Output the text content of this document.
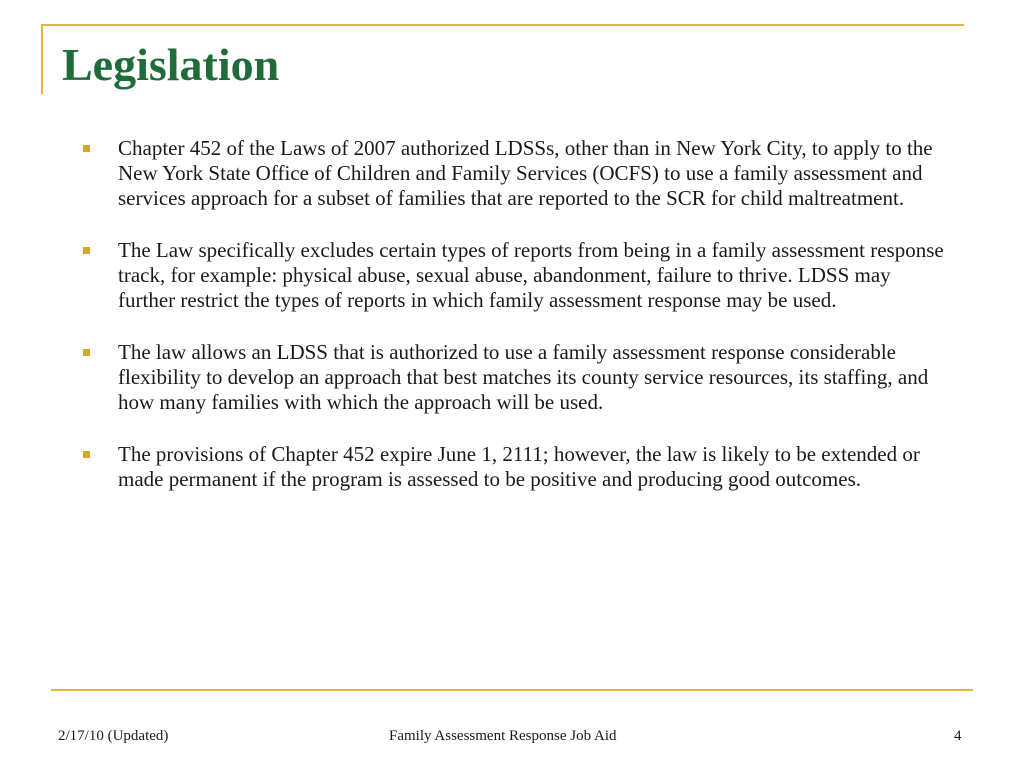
Legislation
Chapter 452 of the Laws of 2007 authorized LDSSs, other than in New York City, to apply to the New York State Office of Children and Family Services (OCFS) to use a family assessment and services approach for a subset of families that are reported to the SCR for child maltreatment.
The Law specifically excludes certain types of reports from being in a family assessment response track, for example: physical abuse, sexual abuse, abandonment, failure to thrive. LDSS may further restrict the types of reports in which family assessment response may be used.
The law allows an LDSS that is authorized to use a family assessment response considerable flexibility to develop an approach that best matches its county service resources, its staffing, and how many families with which the approach will be used.
The provisions of Chapter 452 expire June 1, 2111; however, the law is likely to be extended or made permanent if the program is assessed to be positive and producing good outcomes.
2/17/10 (Updated)	Family Assessment Response Job Aid	4
